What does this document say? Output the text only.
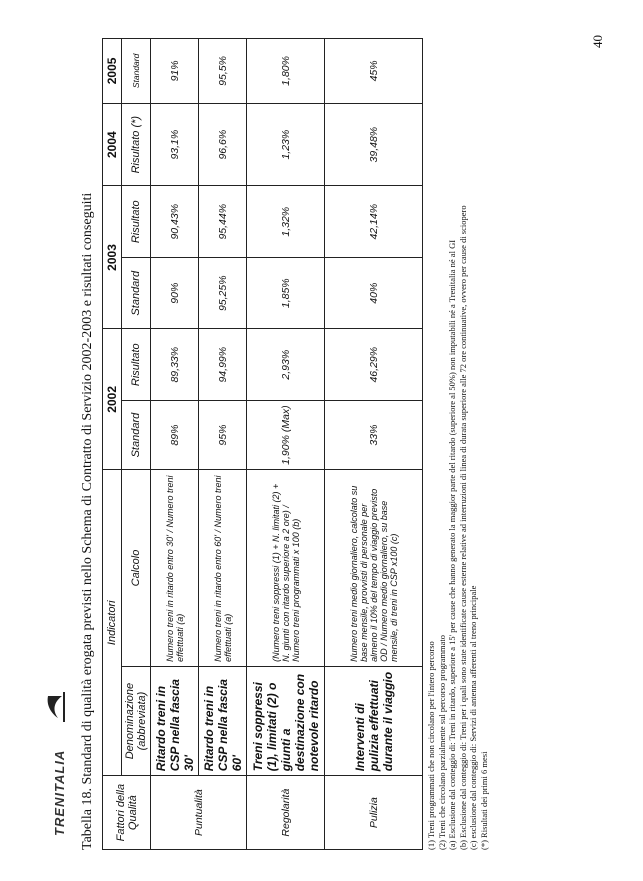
TRENITALIA
40
Tabella 18. Standard di qualità erogata previsti nello Schema di Contratto di Servizio 2002-2003 e risultati conseguiti Fattori della Qualità	Indicatori		2002		2003		2004	2005
	Denominazione (abbreviata)	Calcolo	Standard	Risultato	Standard	Risultato	Risultato (*)	Standard
Puntualità	Ritardo treni in CSP nella fascia 30'	Numero treni in ritardo entro 30' / Numero treni effettuati (a)	89%	89,33%	90%	90,43%	93,1%	91%
	Ritardo treni in CSP nella fascia 60'	Numero treni in ritardo entro 60' / Numero treni effettuati (a)	95%	94,99%	95,25%	95,44%	96,6%	95,5%
Regolarità	Treni soppressi (1), limitati (2) o giunti a destinazione con notevole ritardo	(Numero treni soppressi (1) + N. limitati (2) + N. giunti con ritardo superiore a 2 ore) / Numero treni programmati x 100 (b)	1,90% (Max)	2,93%	1,85%	1,32%	1,23%	1,80%
Pulizia	Interventi di pulizia effettuati durante il viaggio	Numero treni medio giornaliero, calcolato su base mensile, provvisti di personale per almeno il 10% del tempo di viaggio previsto OD / Numero medio giornaliero, su base mensile, di treni in CSP x100 (c)	33%	46,29%	40%	42,14%	39,48%	45%
(1) Treni programmati che non circolano per l'intero percorso (2) Treni che circolano parzialmente sul percorso programmato (a) Esclusione dal conteggio di: Treni in ritardo, superiore a 15' per cause che hanno generato la maggior parte del ritardo (superiore al 50%) non imputabili né a Trenitalia né al GI (b) Esclusione dal conteggio di: Treni per i quali sono state identificate cause esterne relative ad interruzioni di linea di durata superiore alle 72 ore continuative, ovvero per cause di sciopero (c) esclusione dal conteggio di: Servizi di antenna afferenti al treno principale (*) Risultati dei primi 6 mesi
